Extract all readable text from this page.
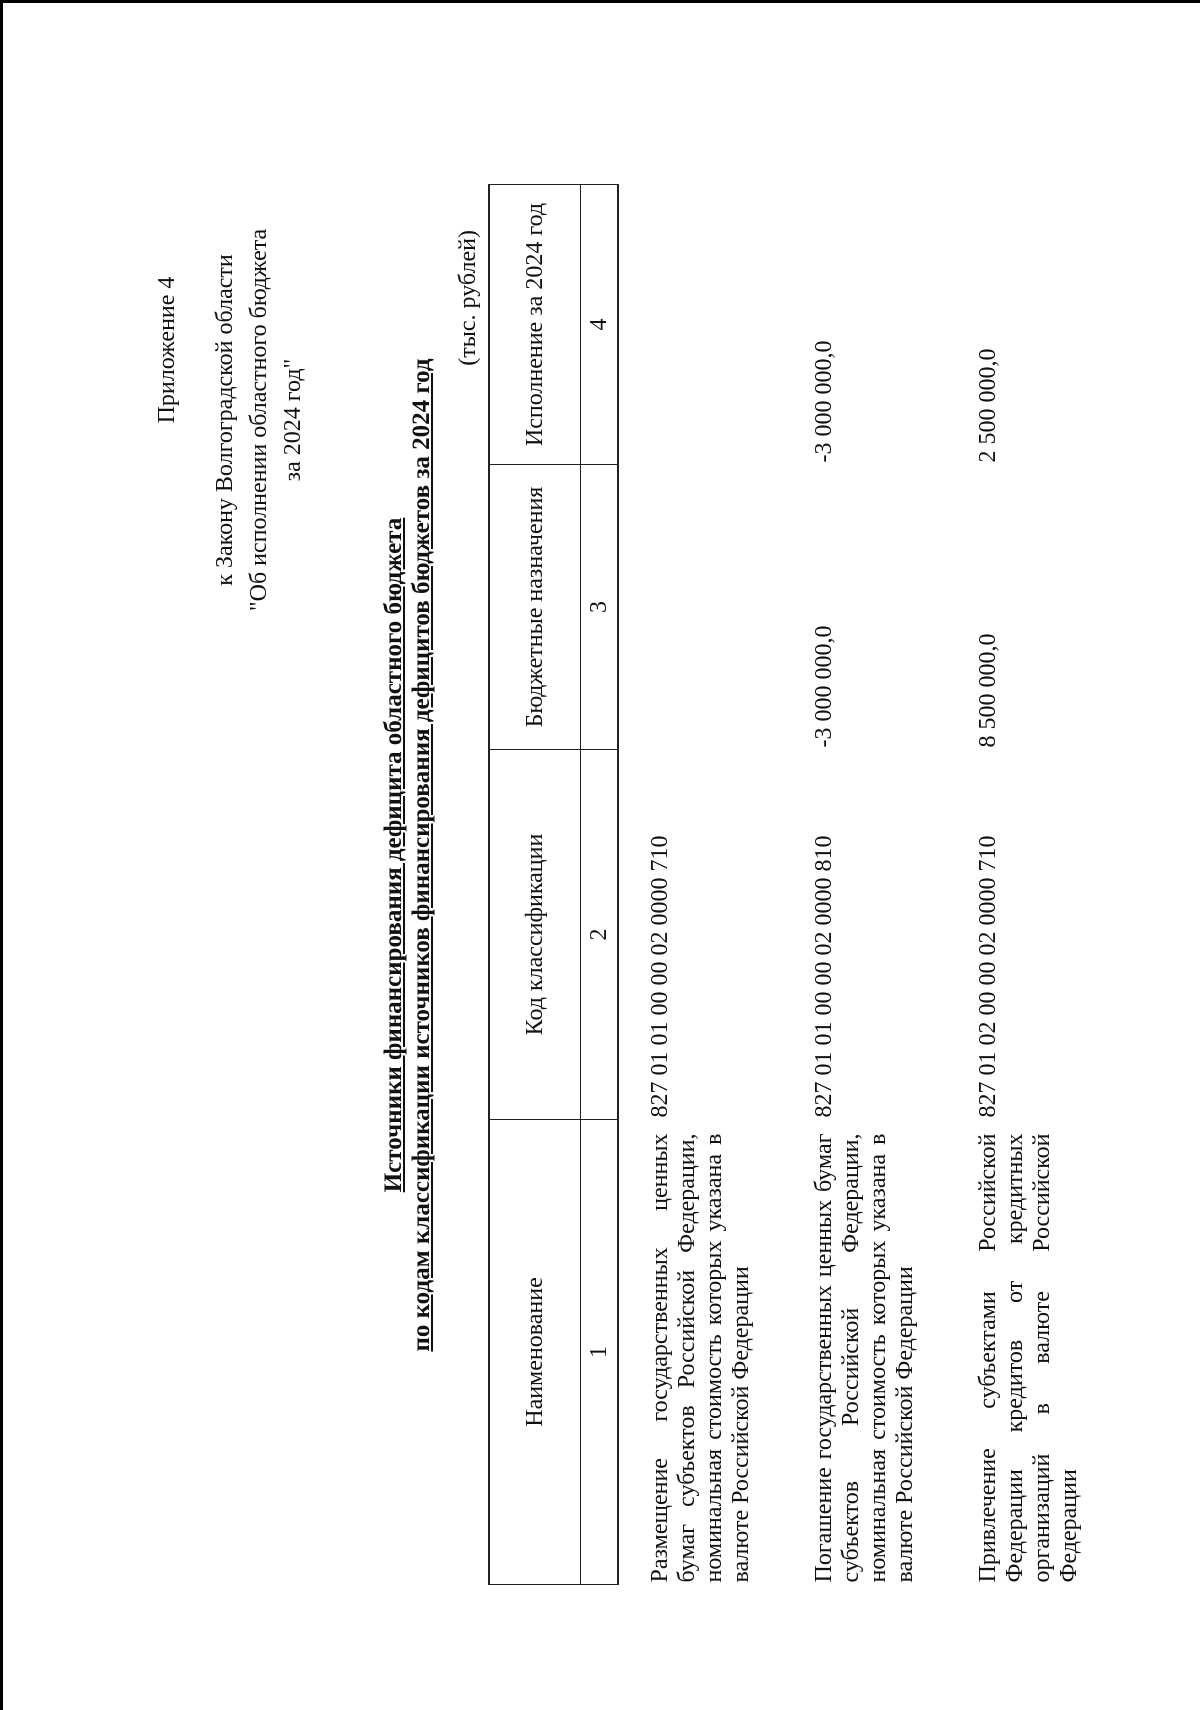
Приложение 4 к Закону Волгоградской области "Об исполнении областного бюджета за 2024 год"
Источники финансирования дефицита областного бюджета по кодам классификации источников финансирования дефицитов бюджетов за 2024 год
(тыс. рублей)
Наименование	Код классификации	Бюджетные назначения	Исполнение за 2024 год
1	2	3	4
Размещение государственных ценных бумаг субъектов Российской Федерации, номинальная стоимость которых указана в валюте Российской Федерации	827 01 01 00 00 02 0000 710		
Погашение государственных ценных бумаг субъектов Российской Федерации, номинальная стоимость которых указана в валюте Российской Федерации	827 01 01 00 00 02 0000 810	-3 000 000,0	-3 000 000,0
Привлечение субъектами Российской Федерации кредитов от кредитных организаций в валюте Российской Федерации	827 01 02 00 00 02 0000 710	8 500 000,0	2 500 000,0
